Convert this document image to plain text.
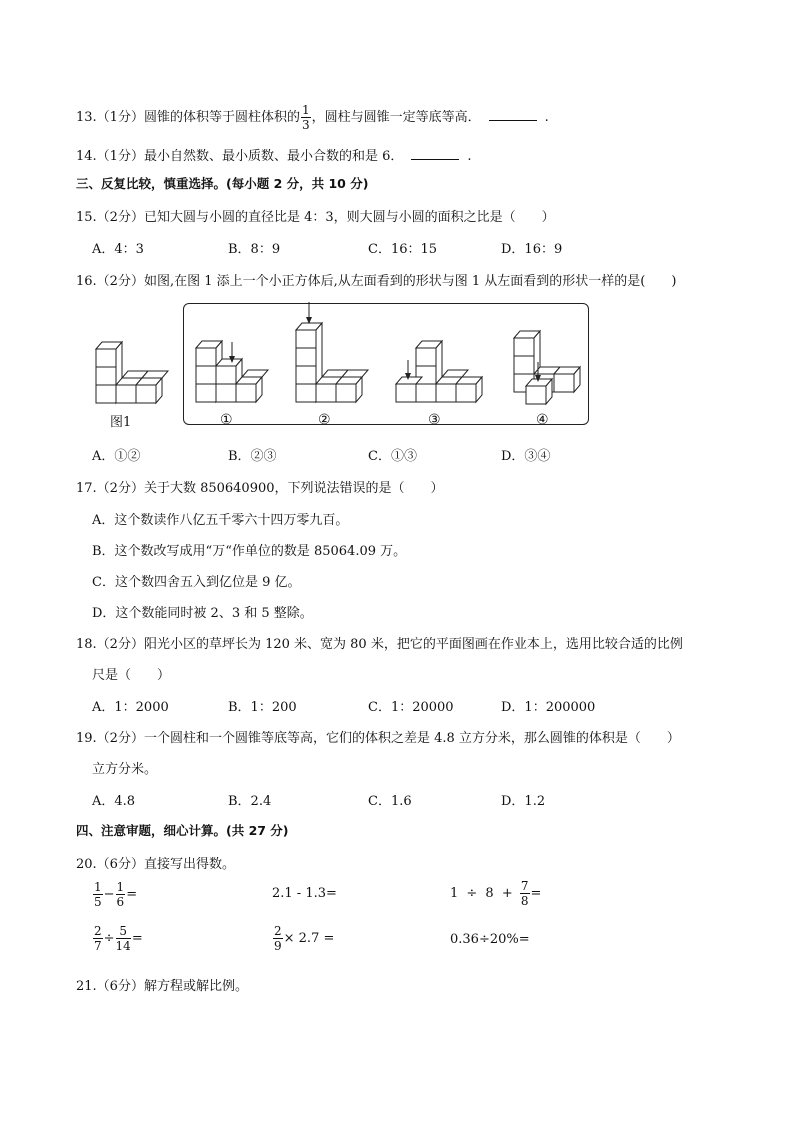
13.（1分）圆锥的体积等于圆柱体积的 $\frac{1}{3}$ ，圆柱与圆锥一定等底等高．	.
14.（1分）最小自然数、最小质数、最小合数的和是 6．	.
三、反复比较，慎重选择。(每小题 2 分，共 10 分)
15.（2分）已知大圆与小圆的直径比是 4：3，则大圆与小圆的面积之比是（　　）
A．4：3	B．8：9	C．16：15	D．16：9
16.（2分）如图,在图 1 添上一个小正方体后,从左面看到的形状与图 1 从左面看到的形状一样的是(　　)
图1	①	②	③	④
A．①②	B．②③	C．①③	D．③④
17.（2分）关于大数 850640900，下列说法错误的是（　　）
A．这个数读作八亿五千零六十四万零九百。
B．这个数改写成用“万“作单位的数是 85064.09 万。
C．这个数四舍五入到亿位是 9 亿。
D．这个数能同时被 2、3 和 5 整除。
18.（2分）阳光小区的草坪长为 120 米、宽为 80 米，把它的平面图画在作业本上，选用比较合适的比例
尺是（　　）
A．1：2000	B．1：200	C．1：20000	D．1：200000
19.（2分）一个圆柱和一个圆锥等底等高，它们的体积之差是 4.8 立方分米，那么圆锥的体积是（　　）
立方分米。
A．4.8	B．2.4	C．1.6	D．1.2
四、注意审题，细心计算。(共 27 分)
20.（6分）直接写出得数。
$\frac{1}{5} - \frac{1}{6}$ =	2.1 - 1.3=	$1 \div 8 + \frac{7}{8}$ =
$\frac{2}{7} \div \frac{5}{14}$ =	$\frac{2}{9} \times 2.7$ =	0.36÷20%=
21.（6分）解方程或解比例。
